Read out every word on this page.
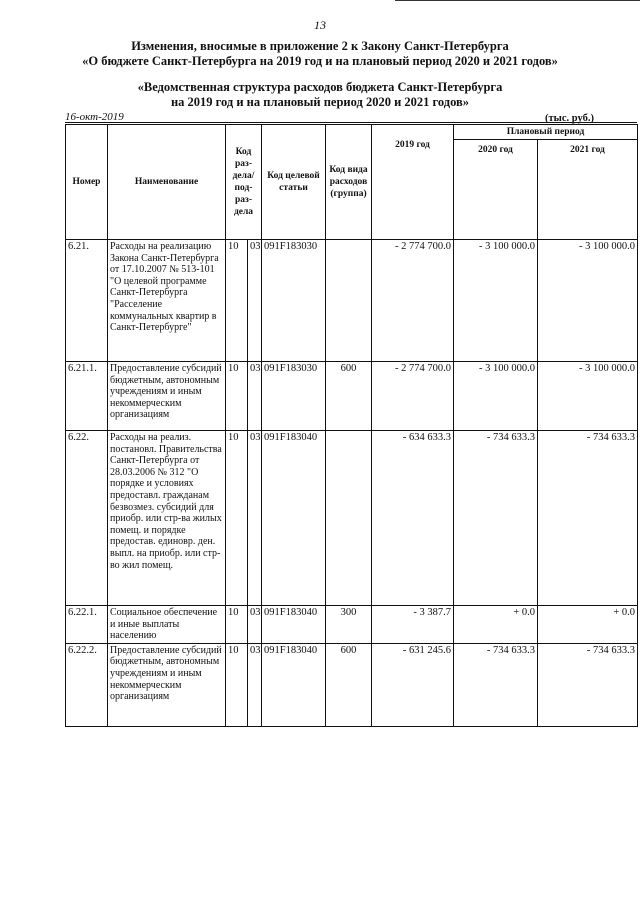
13
Изменения, вносимые в приложение 2 к Закону Санкт-Петербурга
«О бюджете Санкт-Петербурга на 2019 год и на плановый период 2020 и 2021 годов»
«Ведомственная структура расходов бюджета Санкт-Петербурга
на 2019 год и на плановый период 2020 и 2021 годов»
16-окт-2019	(тыс. руб.)
Номер	Наименование	Код раз-дела/ под-раз-дела		Код целевой статьи	Код вида расходов (группа)	2019 год	Плановый период	
							2020 год	2021 год
6.21.	Расходы на реализацию Закона Санкт-Петербурга от 17.10.2007 № 513-101 "О целевой программе Санкт-Петербурга "Расселение коммунальных квартир в Санкт-Петербурге"	10	03	091F183030		- 2 774 700.0	- 3 100 000.0	- 3 100 000.0
6.21.1.	Предоставление субсидий бюджетным, автономным учреждениям и иным некоммерческим организациям	10	03	091F183030	600	- 2 774 700.0	- 3 100 000.0	- 3 100 000.0
6.22.	Расходы на реализ. постановл. Правительства Санкт-Петербурга от 28.03.2006 № 312 "О порядке и условиях предоставл. гражданам безвозмез. субсидий для приобр. или стр-ва жилых помещ. и порядке предостав. единовр. ден. выпл. на приобр. или стр-во жил помещ.	10	03	091F183040		- 634 633.3	- 734 633.3	- 734 633.3
6.22.1.	Социальное обеспечение и иные выплаты населению	10	03	091F183040	300	- 3 387.7	+ 0.0	+ 0.0
6.22.2.	Предоставление субсидий бюджетным, автономным учреждениям и иным некоммерческим организациям	10	03	091F183040	600	- 631 245.6	- 734 633.3	- 734 633.3
